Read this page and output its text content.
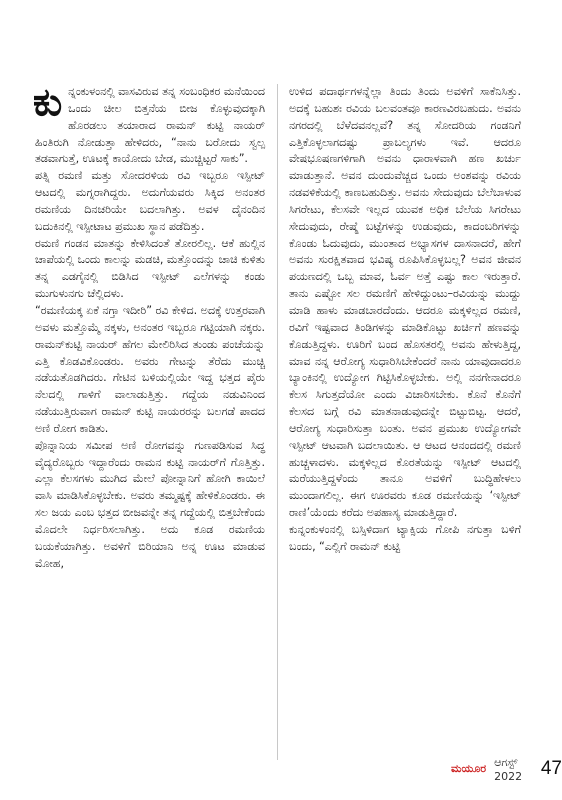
ಕುನ್ನಂಕುಳಂನಲ್ಲಿ ವಾಸವಿರುವ ತನ್ನ ಸಂಬಂಧಿಕರ ಮನೆಯಿಂದ ಒಂದು ಚೀಲ ಬಿತ್ತನೆಯ ಬೀಜ ಕೊಳ್ಳುವುದಕ್ಕಾಗಿ ಹೊರಡಲು ತಯಾರಾದ ರಾಮನ್ ಕುಟ್ಟಿ ನಾಯರ್ ಹಿಂತಿರುಗಿ ನೋಡುತ್ತಾ ಹೇಳಿದರು, “ನಾನು ಬರೋದು ಸ್ವಲ್ಪ ತಡವಾಗುತ್ತೆ, ಊಟಕ್ಕೆ ಕಾಯೋದು ಬೇಡ, ಮುಚ್ಚಿಟ್ಟರೆ ಸಾಕು”.

ಪತ್ನಿ ರಮಣಿ ಮತ್ತು ಸೋದರಳಿಯ ರವಿ ಇಬ್ಬರೂ ಇಸ್ಪೀಟ್ ಆಟದಲ್ಲಿ ಮಗ್ನರಾಗಿದ್ದರು. ಅದುಗೆಯವರು ಸಿಕ್ಕಿದ ಅನಂತರ ರಮಣಿಯ ದಿನಚರಿಯೇ ಬದಲಾಗಿತ್ತು. ಅವಳ ದೈನಂದಿನ ಬದುಕಿನಲ್ಲಿ ಇಸ್ಪೀಟಾಟ ಪ್ರಮುಖ ಸ್ಥಾನ ಪಡೆದಿತ್ತು.

ರಮಣಿ ಗಂಡನ ಮಾತನ್ನು ಕೇಳಿಸಿದಂತೆ ತೋರಲಿಲ್ಲ. ಆಕೆ ಹುಲ್ಲಿನ ಚಾಪೆಯಲ್ಲಿ ಒಂದು ಕಾಲನ್ನು ಮಡಚಿ, ಮತ್ತೊಂದನ್ನು ಚಾಚಿ ಕುಳಿತು ತನ್ನ ಎಡಗೈನಲ್ಲಿ ಬಿಡಿಸಿದ ಇಸ್ಪೀಟ್ ಎಲೆಗಳನ್ನು ಕಂಡು ಮುಗುಳುನಗು ಚೆಲ್ಲಿದಳು.

“ರಮಣಿಯಕ್ಕ ಏಕೆ ನಗ್ತಾ ಇದೀರಿ” ರವಿ ಕೇಳಿದ. ಅದಕ್ಕೆ ಉತ್ತರವಾಗಿ ಅವಳು ಮತ್ತೊಮ್ಮೆ ನಕ್ಕಳು, ಅನಂತರ ಇಬ್ಬರೂ ಗಟ್ಟಿಯಾಗಿ ನಕ್ಕರು. ರಾಮನ್‌ಕುಟ್ಟಿ ನಾಯರ್ ಹೆಗಲ ಮೇಲಿರಿಸಿದ ತುಂಡು ಪಂಚೆಯನ್ನು ಎತ್ತಿ ಕೊಡವಿಕೊಂಡರು. ಅವರು ಗೇಟನ್ನು ತೆರೆದು ಮುಚ್ಚಿ ನಡೆಯತೊಡಗಿದರು. ಗೇಟಿನ ಬಳಿಯಲ್ಲಿಯೇ ಇದ್ದ ಭತ್ತದ ಪೈರು ನೆಲದಲ್ಲಿ ಗಾಳಿಗೆ ವಾಲಾಡುತ್ತಿತ್ತು. ಗದ್ದೆಯ ನಡುವಿನಿಂದ ನಡೆಯುತ್ತಿರುವಾಗ ರಾಮನ್ ಕುಟ್ಟಿ ನಾಯರರನ್ನು ಬಲಗಡೆ ಪಾದದ ಅಣಿ ರೋಗ ಕಾಡಿತು.

ಪೊನ್ನಾನಿಯ ಸಮೀಪ ಅಣಿ ರೋಗವನ್ನು ಗುಣಪಡಿಸುವ ಸಿದ್ಧ ವೈದ್ಯರೊಬ್ಬರು ಇದ್ದಾರೆಂದು ರಾಮನ ಕುಟ್ಟಿ ನಾಯರ್‌ಗೆ ಗೊತ್ತಿತ್ತು. ಎಲ್ಲಾ ಕೆಲಸಗಳು ಮುಗಿದ ಮೇಲೆ ಪೋನ್ನಾನಿಗೆ ಹೋಗಿ ಕಾಯಿಲೆ ವಾಸಿ ಮಾಡಿಸಿಕೊಳ್ಳಬೇಕು. ಅವರು ತಮ್ಮಷ್ಟಕ್ಕೆ ಹೇಳಿಕೊಂಡರು. ಈ ಸಲ ಜಯ ಎಂಬ ಭತ್ತದ ಬೀಜವನ್ನೇ ತನ್ನ ಗದ್ದೆಯಲ್ಲಿ ಬಿತ್ತಬೇಕೆಂದು ಮೊದಲೇ ನಿರ್ಧರಿಸಲಾಗಿತ್ತು. ಅದು ಕೂಡ ರಮಣಿಯ ಬಯಕೆಯಾಗಿತ್ತು. ಅವಳಿಗೆ ಬಿರಿಯಾನಿ ಅನ್ನ ಊಟ ಮಾಡುವ ಮೋಹ,

ಉಳಿದ ಪದಾರ್ಥಗಳನ್ನೆಲ್ಲಾ ತಿಂದು ತಿಂದು ಅವಳಿಗೆ ಸಾಕೆನಿಸಿತ್ತು. ಅದಕ್ಕೆ ಬಹುಶಃ ರವಿಯ ಬಲವಂತವೂ ಕಾರಣವಿರಬಹುದು. ಅವನು ನಗರದಲ್ಲಿ ಬೆಳೆದವನಲ್ಲವೆ? ತನ್ನ ಸೋದರಿಯ ಗಂಡನಿಗೆ ಎತ್ತಿಕೊಳ್ಳಲಾಗದಷ್ಟು ಪ್ರಾಬಲ್ಯಗಳು ಇವೆ. ಆದರೂ ವೇಷಭೂಷಣಗಳಿಗಾಗಿ ಅವನು ಧಾರಾಳವಾಗಿ ಹಣ ಖರ್ಚು ಮಾಡುತ್ತಾನೆ. ಅವನ ದುಂದುವೆಚ್ಚದ ಒಂದು ಅಂಶವನ್ನು ರವಿಯ ನಡವಳಿಕೆಯಲ್ಲಿ ಕಾಣಬಹುದಿತ್ತು. ಅವನು ಸೇದುವುದು ಬೆಲೆಬಾಳುವ ಸಿಗರೇಟು, ಕೆಲಸವೇ ಇಲ್ಲದ ಯುವಕ ಅಧಿಕ ಬೆಲೆಯ ಸಿಗರೇಟು ಸೇದುವುದು, ರೇಷ್ಮೆ ಬಟ್ಟೆಗಳನ್ನು ಉಡುವುದು, ಕಾದಂಬರಿಗಳನ್ನು ಕೊಂಡು ಓದುವುದು, ಮುಂತಾದ ಅಭ್ಯಾಸಗಳ ದಾಸನಾದರೆ, ಹೇಗೆ ಅವನು ಸುರಕ್ಷಿತವಾದ ಭವಿಷ್ಯ ರೂಪಿಸಿಕೊಳ್ಳಬಲ್ಲ? ಅವನ ಜೀವನ ಪಯಣದಲ್ಲಿ ಒಬ್ಬ ಮಾವ, ಓರ್ವ ಅತ್ತೆ ಎಷ್ಟು ಕಾಲ ಇರುತ್ತಾರೆ. ತಾನು ಎಷ್ಟೋ ಸಲ ರಮಣಿಗೆ ಹೇಳಿದ್ದುಂಟು–ರವಿಯನ್ನು ಮುದ್ದು ಮಾಡಿ ಹಾಳು ಮಾಡಬಾರದೆಂದು. ಆದರೂ ಮಕ್ಕಳಿಲ್ಲದ ರಮಣಿ, ರವಿಗೆ ಇಷ್ಟವಾದ ತಿಂಡಿಗಳನ್ನು ಮಾಡಿಕೊಟ್ಟು ಖರ್ಚಿಗೆ ಹಣವನ್ನು ಕೊಡುತ್ತಿದ್ದಳು. ಊರಿಗೆ ಬಂದ ಹೊಸತರಲ್ಲಿ ಅವನು ಹೇಳುತ್ತಿದ್ದ, ಮಾವ ನನ್ನ ಆರೋಗ್ಯ ಸುಧಾರಿಸಿಬೇಕೆಂದರೆ ನಾನು ಯಾವುದಾದರೂ ಬ್ಯಾಂಕಿನಲ್ಲಿ ಉದ್ಯೋಗ ಗಿಟ್ಟಿಸಿಕೊಳ್ಳಬೇಕು. ಅಲ್ಲಿ ನನಗೇನಾದರೂ ಕೆಲಸ ಸಿಗುತ್ತದೆಯೋ ಎಂದು ವಿಚಾರಿಸಬೇಕು. ಕೊನೆ ಕೊನೆಗೆ ಕೆಲಸದ ಬಗ್ಗೆ ರವಿ ಮಾತನಾಡುವುದನ್ನೇ ಬಿಟ್ಟುಬಿಟ್ಟ. ಆದರೆ, ಆರೋಗ್ಯ ಸುಧಾರಿಸುತ್ತಾ ಬಂತು. ಅವನ ಪ್ರಮುಖ ಉದ್ಯೋಗವೇ ಇಸ್ಪೀಟ್ ಆಟವಾಗಿ ಬದಲಾಯಿತು. ಆ ಆಟದ ಆನಂದದಲ್ಲಿ ರಮಣಿ ಹುಚ್ಚಳಾದಳು. ಮಕ್ಕಳಿಲ್ಲದ ಕೊರತೆಯನ್ನು ಇಸ್ಪೀಟ್ ಆಟದಲ್ಲಿ ಮರೆಯುತ್ತಿದ್ದಳೆಂದು ತಾನೂ ಅವಳಿಗೆ ಬುದ್ಧಿಹೇಳಲು ಮುಂದಾಗಲಿಲ್ಲ. ಈಗ ಊರವರು ಕೂಡ ರಮಣಿಯನ್ನು ‘ಇಸ್ಪೀಟ್ ರಾಣಿ’ಯೆಂದು ಕರೆದು ಅಪಹಾಸ್ಯ ಮಾಡುತ್ತಿದ್ದಾರೆ.

ಕುನ್ನಂಕುಳಂನಲ್ಲಿ ಬಸ್ಸಿಳಿದಾಗ ಟ್ಯಾಕ್ಸಿಯ ಗೋಪಿ ನಗುತ್ತಾ ಬಳಿಗೆ ಬಂದು, “ಎಲ್ಲಿಗೆ ರಾಮನ್ ಕುಟ್ಟಿ

ಮಯೂರ ಆಗಸ್ಟ್ 2022 47
